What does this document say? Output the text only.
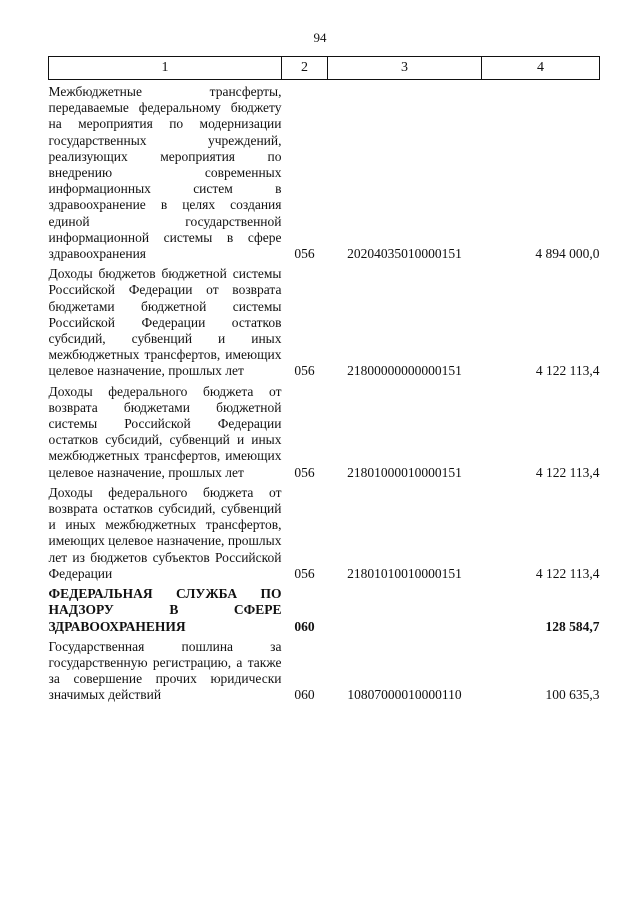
94
1	2	3	4
Межбюджетные трансферты, передаваемые федеральному бюджету на мероприятия по модернизации государственных учреждений, реализующих мероприятия по внедрению современных информационных систем в здравоохранение в целях создания единой государственной информационной системы в сфере здравоохранения	056	20204035010000151	4 894 000,0
Доходы бюджетов бюджетной системы Российской Федерации от возврата бюджетами бюджетной системы Российской Федерации остатков субсидий, субвенций и иных межбюджетных трансфертов, имеющих целевое назначение, прошлых лет	056	21800000000000151	4 122 113,4
Доходы федерального бюджета от возврата бюджетами бюджетной системы Российской Федерации остатков субсидий, субвенций и иных межбюджетных трансфертов, имеющих целевое назначение, прошлых лет	056	21801000010000151	4 122 113,4
Доходы федерального бюджета от возврата остатков субсидий, субвенций и иных межбюджетных трансфертов, имеющих целевое назначение, прошлых лет из бюджетов субъектов Российской Федерации	056	21801010010000151	4 122 113,4
ФЕДЕРАЛЬНАЯ СЛУЖБА ПО НАДЗОРУ В СФЕРЕ ЗДРАВООХРАНЕНИЯ	060		128 584,7
Государственная пошлина за государственную регистрацию, а также за совершение прочих юридически значимых действий	060	10807000010000110	100 635,3
